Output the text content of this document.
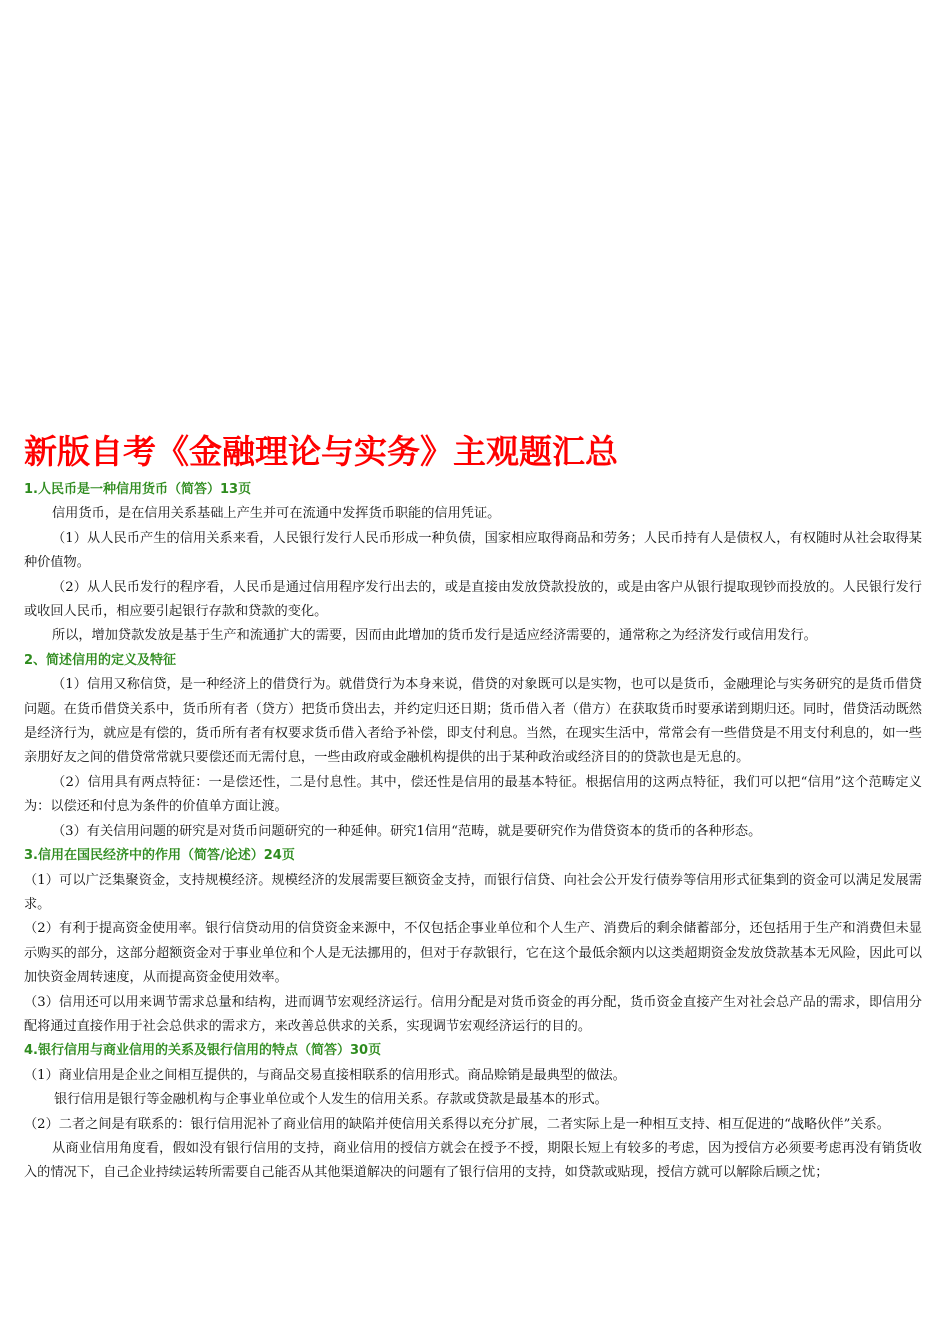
新版自考《金融理论与实务》主观题汇总
1.人民币是一种信用货币（简答）13页

信用货币，是在信用关系基础上产生并可在流通中发挥货币职能的信用凭证。

（1）从人民币产生的信用关系来看，人民银行发行人民币形成一种负债，国家相应取得商品和劳务；人民币持有人是债权人，有权随时从社会取得某种价值物。

（2）从人民币发行的程序看，人民币是通过信用程序发行出去的，或是直接由发放贷款投放的，或是由客户从银行提取现钞而投放的。人民银行发行或收回人民币，相应要引起银行存款和贷款的变化。

所以，增加贷款发放是基于生产和流通扩大的需要，因而由此增加的货币发行是适应经济需要的，通常称之为经济发行或信用发行。

2、简述信用的定义及特征

（1）信用又称信贷，是一种经济上的借贷行为。就借贷行为本身来说，借贷的对象既可以是实物，也可以是货币，金融理论与实务研究的是货币借贷问题。在货币借贷关系中，货币所有者（贷方）把货币贷出去，并约定归还日期；货币借入者（借方）在获取货币时要承诺到期归还。同时，借贷活动既然是经济行为，就应是有偿的，货币所有者有权要求货币借入者给予补偿，即支付利息。当然，在现实生活中，常常会有一些借贷是不用支付利息的，如一些亲朋好友之间的借贷常常就只要偿还而无需付息，一些由政府或金融机构提供的出于某种政治或经济目的的贷款也是无息的。

（2）信用具有两点特征：一是偿还性，二是付息性。其中，偿还性是信用的最基本特征。根据信用的这两点特征，我们可以把“信用”这个范畴定义为：以偿还和付息为条件的价值单方面让渡。

（3）有关信用问题的研究是对货币问题研究的一种延伸。研究1信用“范畴，就是要研究作为借贷资本的货币的各种形态。

3.信用在国民经济中的作用（简答/论述）24页

（1）可以广泛集聚资金，支持规模经济。规模经济的发展需要巨额资金支持，而银行信贷、向社会公开发行债券等信用形式征集到的资金可以满足发展需求。

（2）有利于提高资金使用率。银行信贷动用的信贷资金来源中，不仅包括企事业单位和个人生产、消费后的剩余储蓄部分，还包括用于生产和消费但未显示购买的部分，这部分超额资金对于事业单位和个人是无法挪用的，但对于存款银行，它在这个最低余额内以这类超期资金发放贷款基本无风险，因此可以加快资金周转速度，从而提高资金使用效率。

（3）信用还可以用来调节需求总量和结构，进而调节宏观经济运行。信用分配是对货币资金的再分配，货币资金直接产生对社会总产品的需求，即信用分配将通过直接作用于社会总供求的需求方，来改善总供求的关系，实现调节宏观经济运行的目的。

4.银行信用与商业信用的关系及银行信用的特点（简答）30页

（1）商业信用是企业之间相互提供的，与商品交易直接相联系的信用形式。商品赊销是最典型的做法。

银行信用是银行等金融机构与企事业单位或个人发生的信用关系。存款或贷款是最基本的形式。

（2）二者之间是有联系的：银行信用泥补了商业信用的缺陷并使信用关系得以充分扩展，二者实际上是一种相互支持、相互促进的“战略伙伴”关系。

从商业信用角度看，假如没有银行信用的支持，商业信用的授信方就会在授予不授，期限长短上有较多的考虑，因为授信方必须要考虑再没有销货收入的情况下，自己企业持续运转所需要自己能否从其他渠道解决的问题有了银行信用的支持，如贷款或贴现，授信方就可以解除后顾之忧；
